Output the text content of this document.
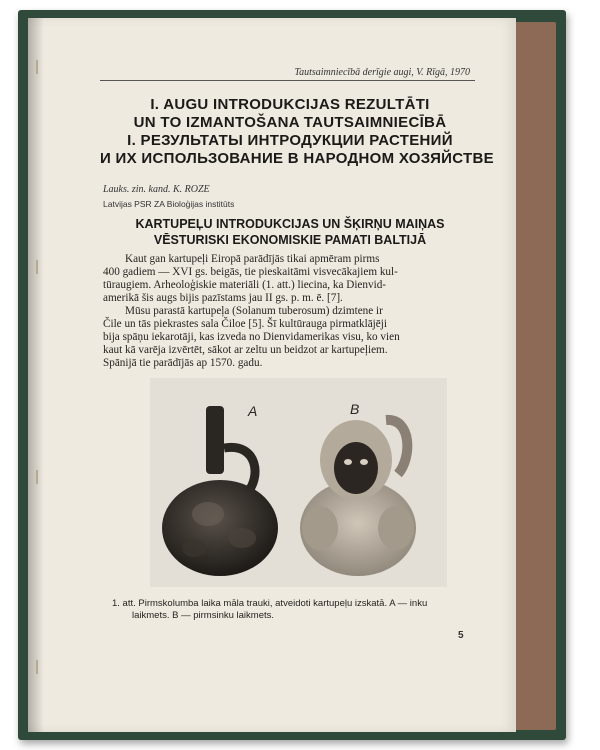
Tautsaimniecībā derīgie augi, V. Rīgā, 1970
I. AUGU INTRODUKCIJAS REZULTĀTI
UN TO IZMANTOŠANA TAUTSAIMNIECĪBĀ
I. РЕЗУЛЬТАТЫ ИНТРОДУКЦИИ РАСТЕНИЙ
И ИХ ИСПОЛЬЗОВАНИЕ В НАРОДНОМ ХОЗЯЙСТВЕ
Lauks. zin. kand. K. ROZE
Latvijas PSR ZA Bioloģijas institūts
KARTUPEĻU INTRODUKCIJAS UN ŠĶIRŅU MAIŅAS
VĒSTURISKI EKONOMISKIE PAMATI BALTIJĀ
Kaut gan kartupeļi Eiropā parādījās tikai apmēram pirms
400 gadiem — XVI gs. beigās, tie pieskaitāmi visvecākajiem kul-
tūraugiem. Arheoloģiskie materiāli (1. att.) liecina, ka Dienvid-
amerikā šis augs bijis pazīstams jau II gs. p. m. ē. [7].
Mūsu parastā kartupeļa (Solanum tuberosum) dzimtene ir
Čile un tās piekrastes sala Čiloe [5]. Šī kultūrauga pirmatklājēji
bija spāņu iekarotāji, kas izveda no Dienvidamerikas visu, ko vien
kaut kā varēja izvērtēt, sākot ar zeltu un beidzot ar kartupeļiem.
Spānijā tie parādījās ap 1570. gadu.
A	B
1. att. Pirmskolumba laika māla trauki, atveidoti kartupeļu izskatā. A — inku
laikmets. B — pirmsinku laikmets.
5
